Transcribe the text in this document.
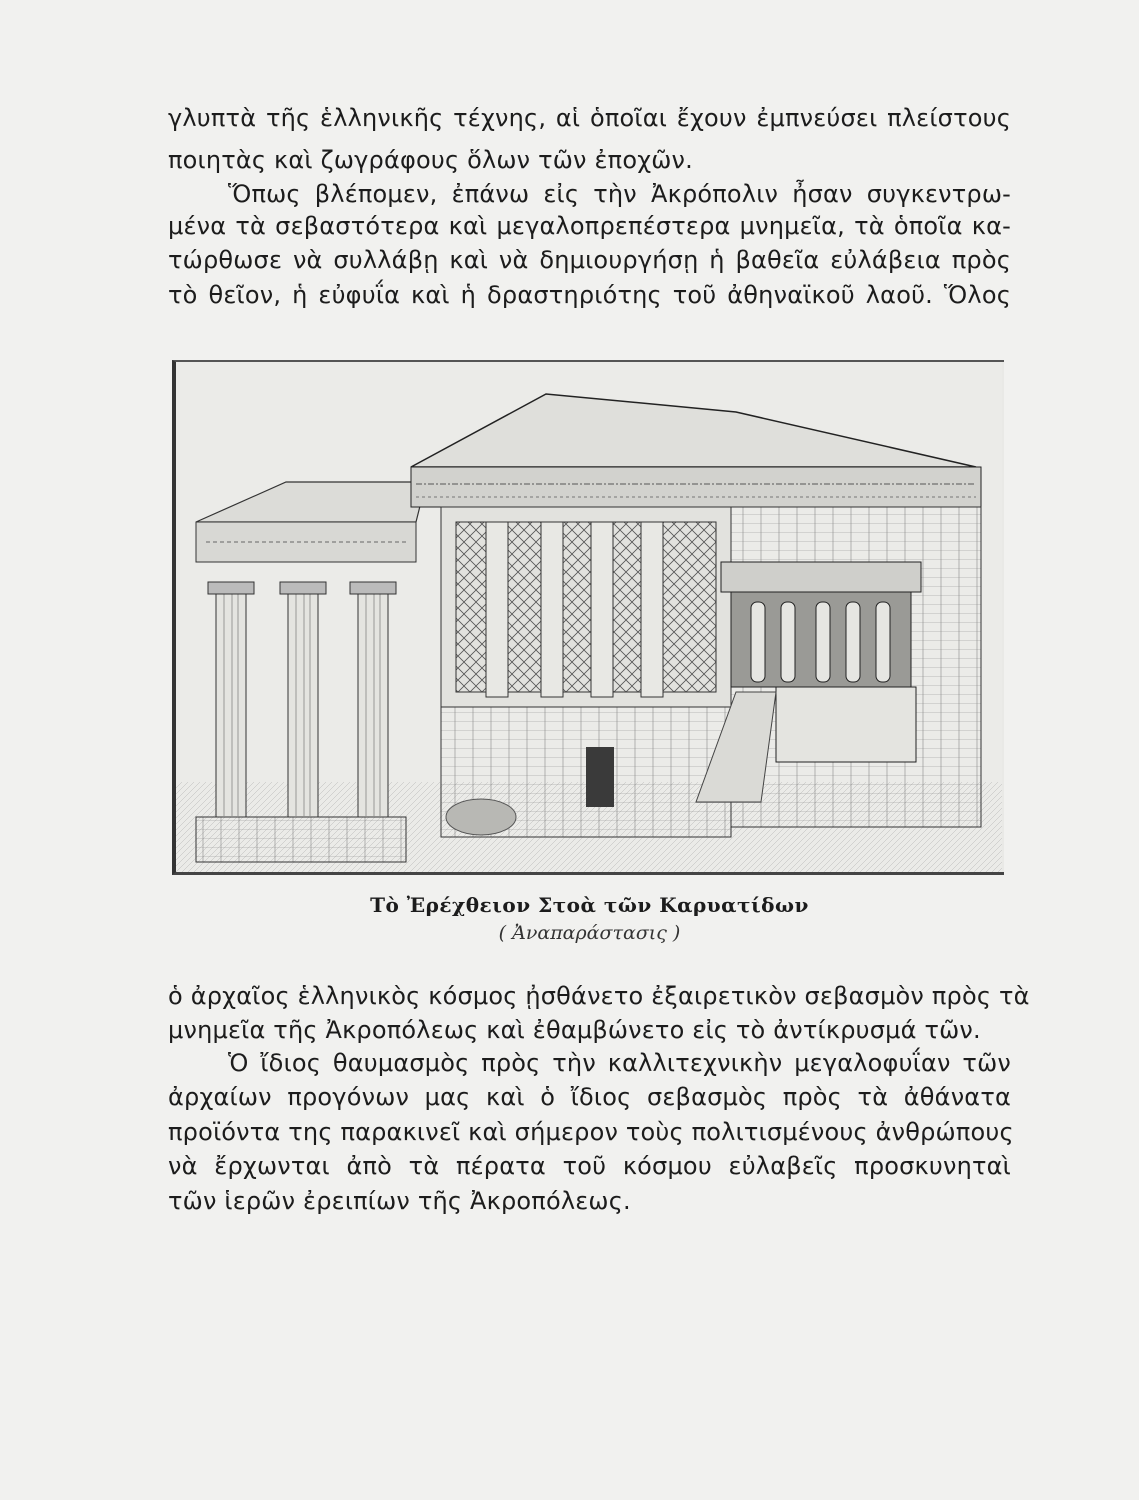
γλυπτὰ τῆς ἑλληνικῆς τέχνης, αἱ ὁποῖαι ἔχουν ἐμπνεύσει πλείστους
ποιητὰς καὶ ζωγράφους ὅλων τῶν ἐποχῶν.
Ὅπως βλέπομεν, ἐπάνω εἰς τὴν Ἀκρόπολιν ἦσαν συγκεντρω-
μένα τὰ σεβαστότερα καὶ μεγαλοπρεπέστερα μνημεῖα, τὰ ὁποῖα κα-
τώρθωσε νὰ συλλάβῃ καὶ νὰ δημιουργήσῃ ἡ βαθεῖα εὐλάβεια πρὸς
τὸ θεῖον, ἡ εὐφυΐα καὶ ἡ δραστηριότης τοῦ ἀθηναϊκοῦ λαοῦ. Ὅλος
Τὸ Ἐρέχθειον Στοὰ τῶν Καρυατίδων
( Ἀναπαράστασις )
ὁ ἀρχαῖος ἑλληνικὸς κόσμος ᾐσθάνετο ἐξαιρετικὸν σεβασμὸν πρὸς τὰ
μνημεῖα τῆς Ἀκροπόλεως καὶ ἐθαμβώνετο εἰς τὸ ἀντίκρυσμά τῶν.
Ὁ ἴδιος θαυμασμὸς πρὸς τὴν καλλιτεχνικὴν μεγαλοφυΐαν τῶν
ἀρχαίων προγόνων μας καὶ ὁ ἴδιος σεβασμὸς πρὸς τὰ ἀθάνατα
προϊόντα της παρακινεῖ καὶ σήμερον τοὺς πολιτισμένους ἀνθρώπους
νὰ ἔρχωνται ἀπὸ τὰ πέρατα τοῦ κόσμου εὐλαβεῖς προσκυνηταὶ
τῶν ἱερῶν ἐρειπίων τῆς Ἀκροπόλεως.
